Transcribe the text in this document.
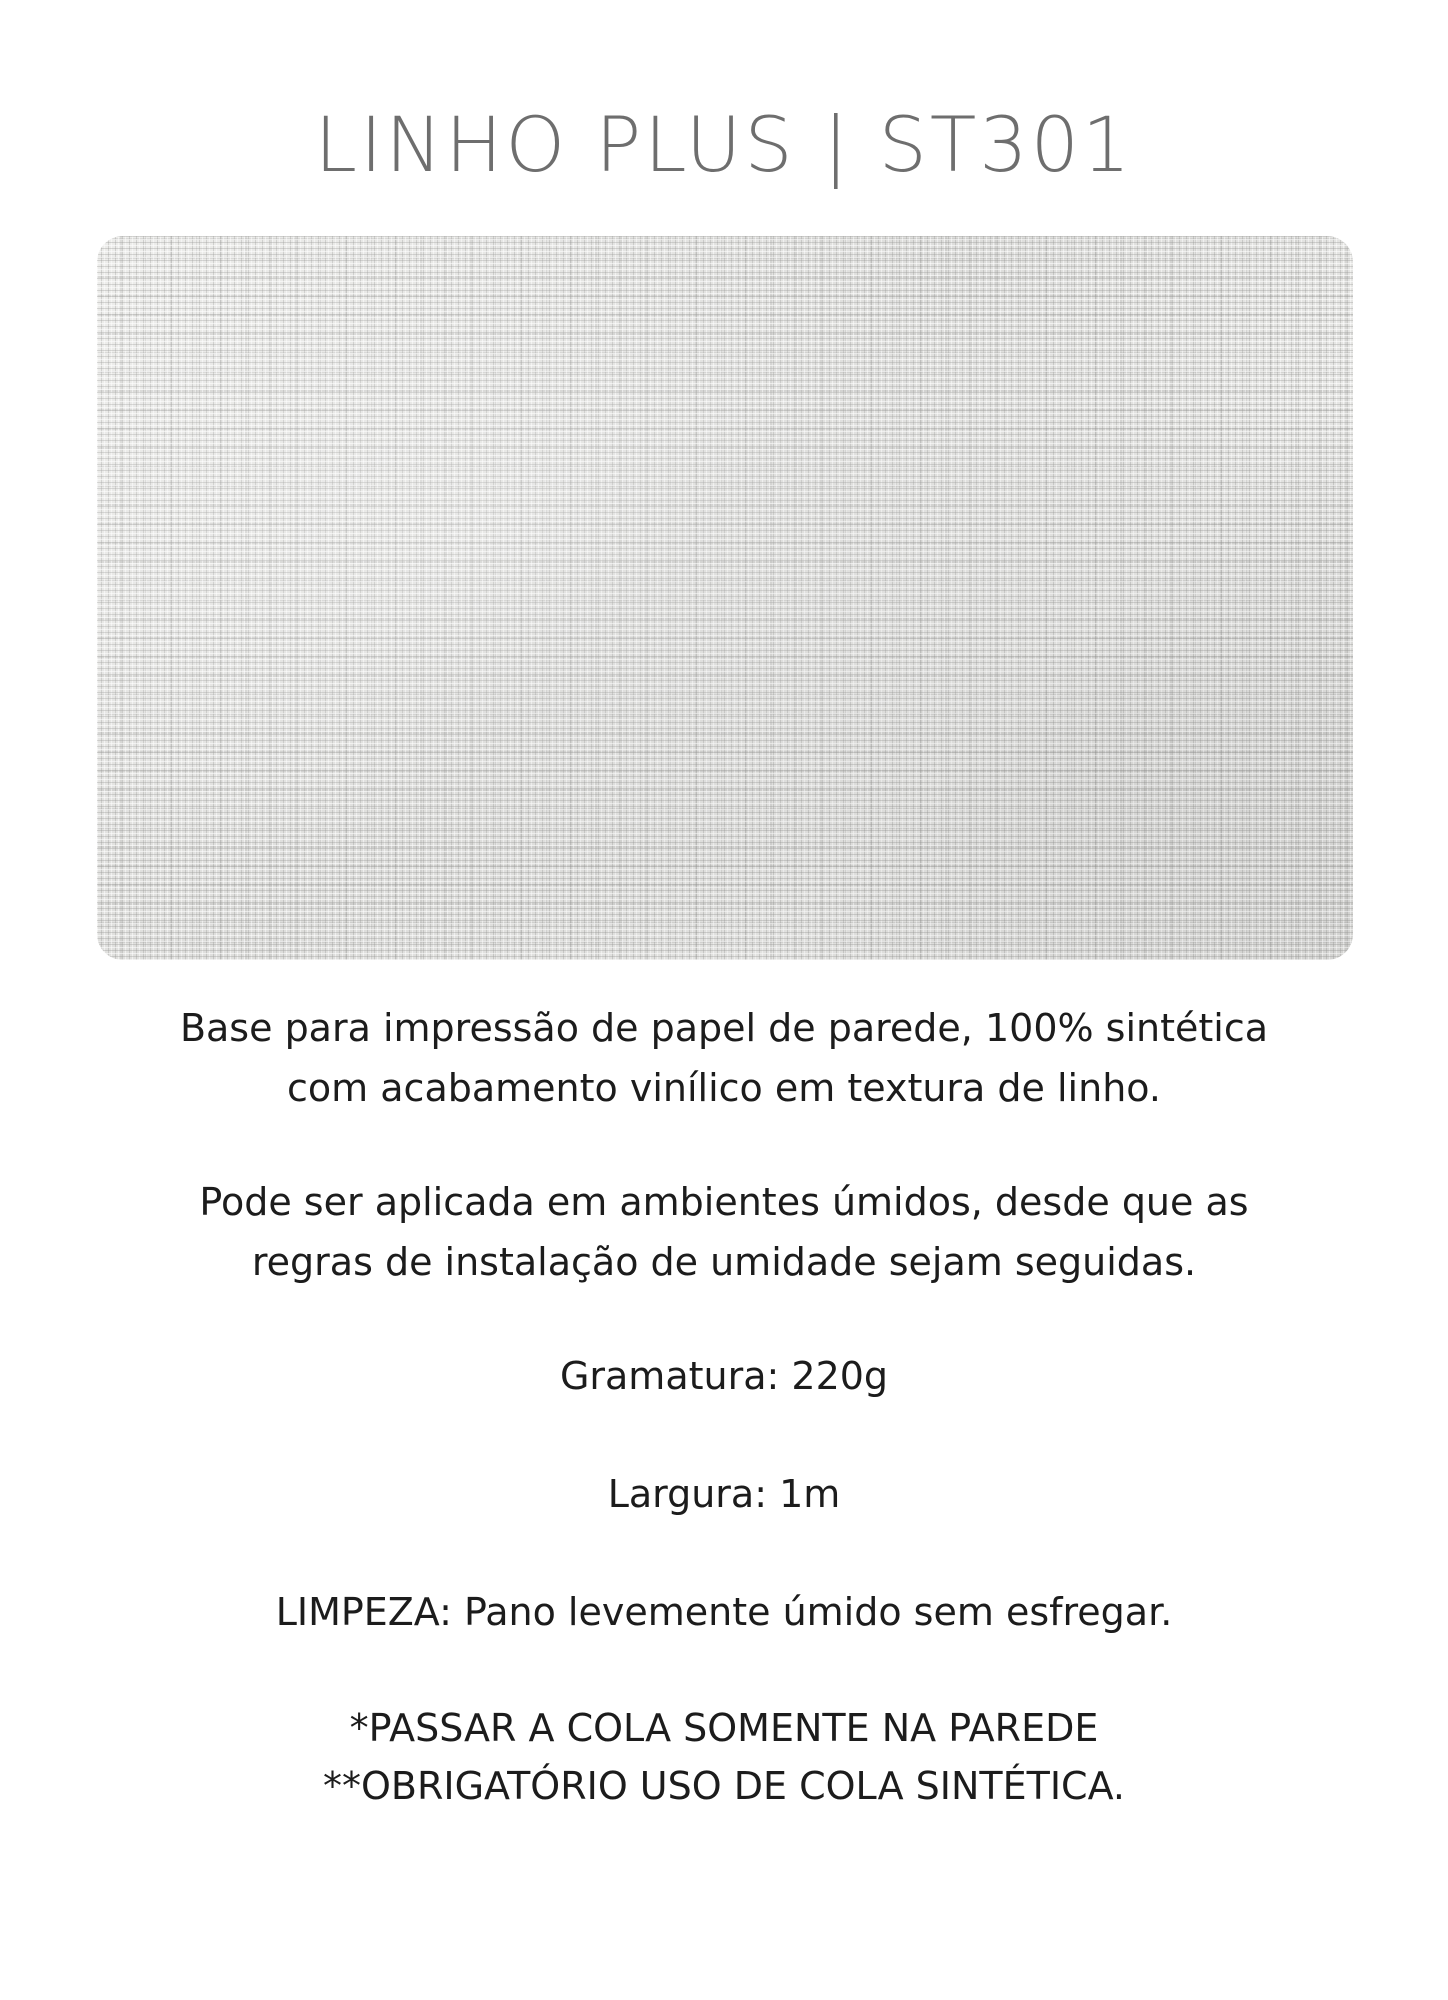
LINHO PLUS | ST301

Base para impressão de papel de parede, 100% sintética

com acabamento vinílico em textura de linho.

Pode ser aplicada em ambientes úmidos, desde que as

regras de instalação de umidade sejam seguidas.

Gramatura: 220g

Largura: 1m

LIMPEZA: Pano levemente úmido sem esfregar.

*PASSAR A COLA SOMENTE NA PAREDE

**OBRIGATÓRIO USO DE COLA SINTÉTICA.
